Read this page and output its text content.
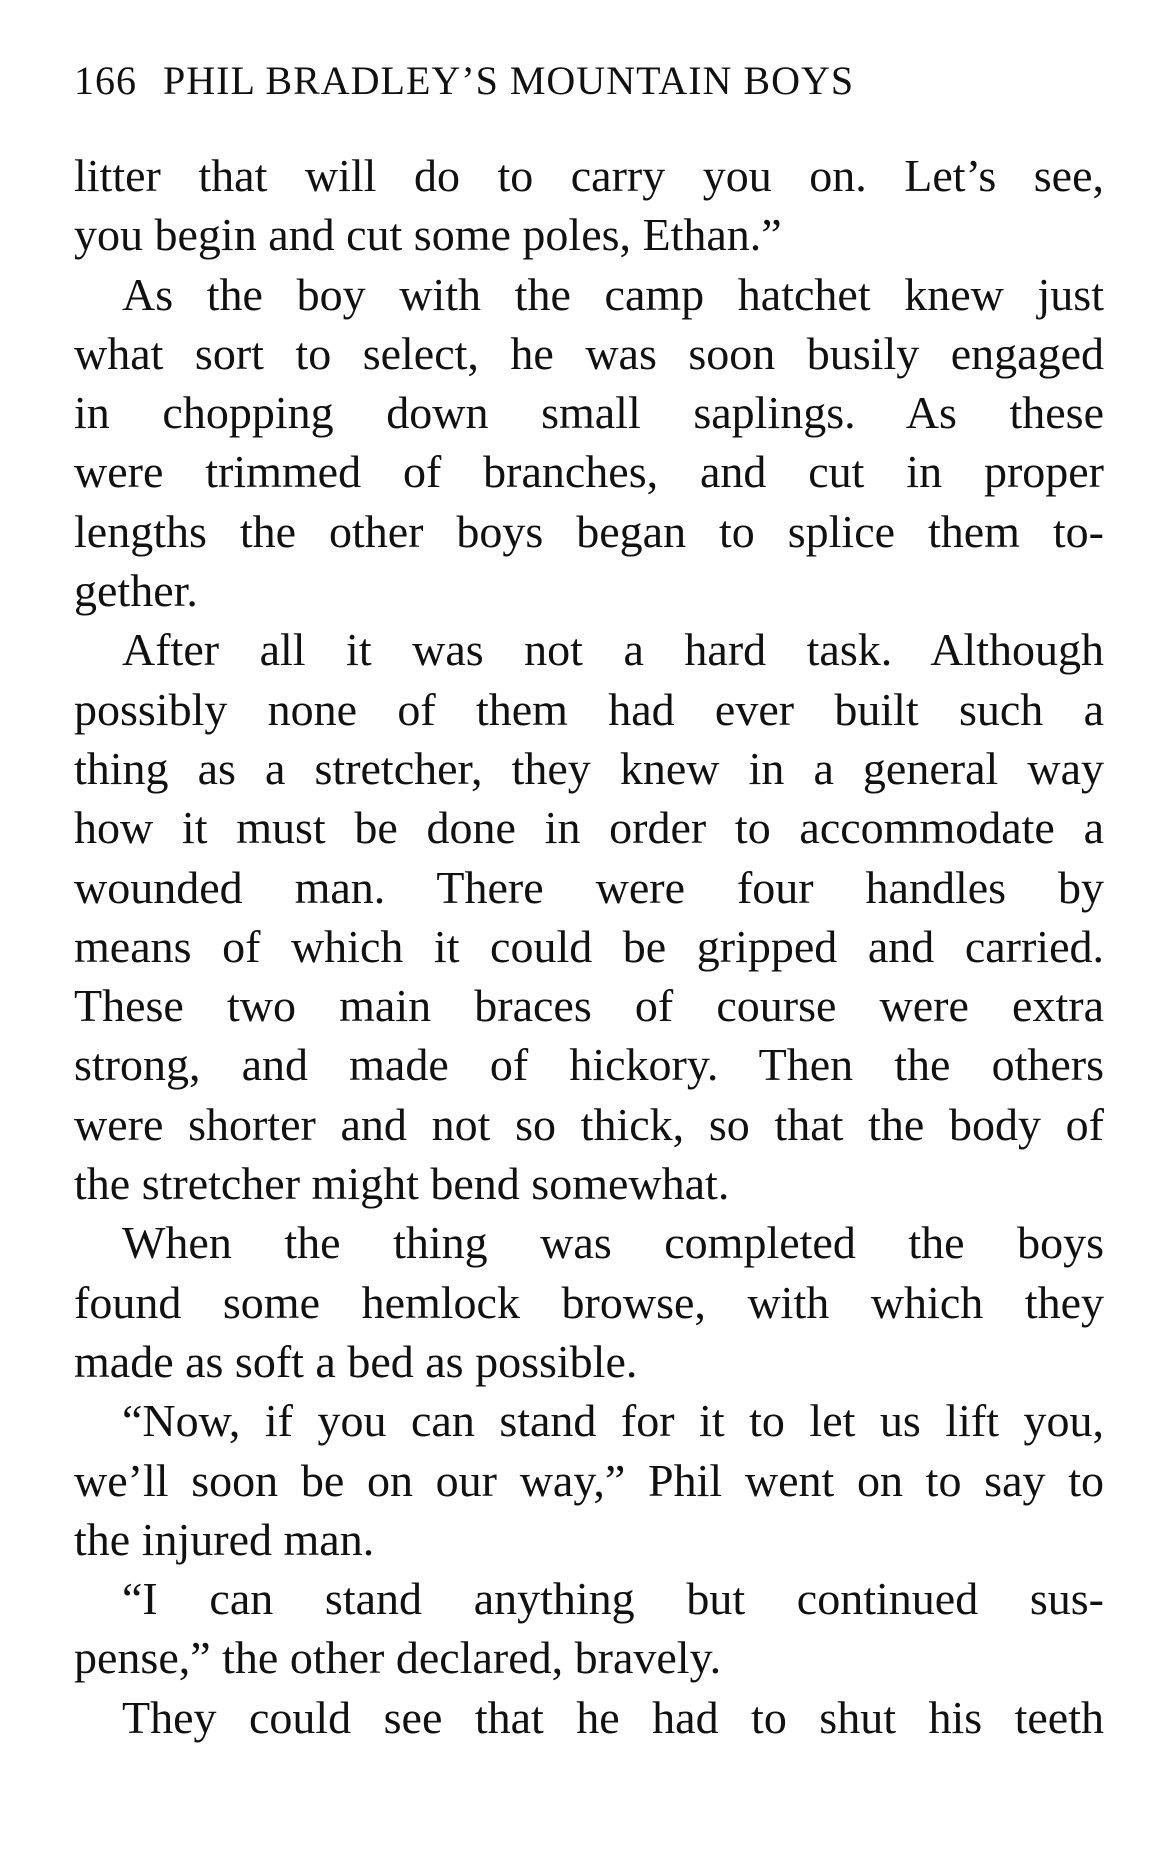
166 PHIL BRADLEY’S MOUNTAIN BOYS
litter that will do to carry you on. Let’s see,
you begin and cut some poles, Ethan.”
As the boy with the camp hatchet knew just
what sort to select, he was soon busily engaged
in chopping down small saplings. As these
were trimmed of branches, and cut in proper
lengths the other boys began to splice them to-
gether.
After all it was not a hard task. Although
possibly none of them had ever built such a
thing as a stretcher, they knew in a general way
how it must be done in order to accommodate a
wounded man. There were four handles by
means of which it could be gripped and carried.
These two main braces of course were extra
strong, and made of hickory. Then the others
were shorter and not so thick, so that the body of
the stretcher might bend somewhat.
When the thing was completed the boys
found some hemlock browse, with which they
made as soft a bed as possible.
“Now, if you can stand for it to let us lift you,
we’ll soon be on our way,” Phil went on to say to
the injured man.
“I can stand anything but continued sus-
pense,” the other declared, bravely.
They could see that he had to shut his teeth
